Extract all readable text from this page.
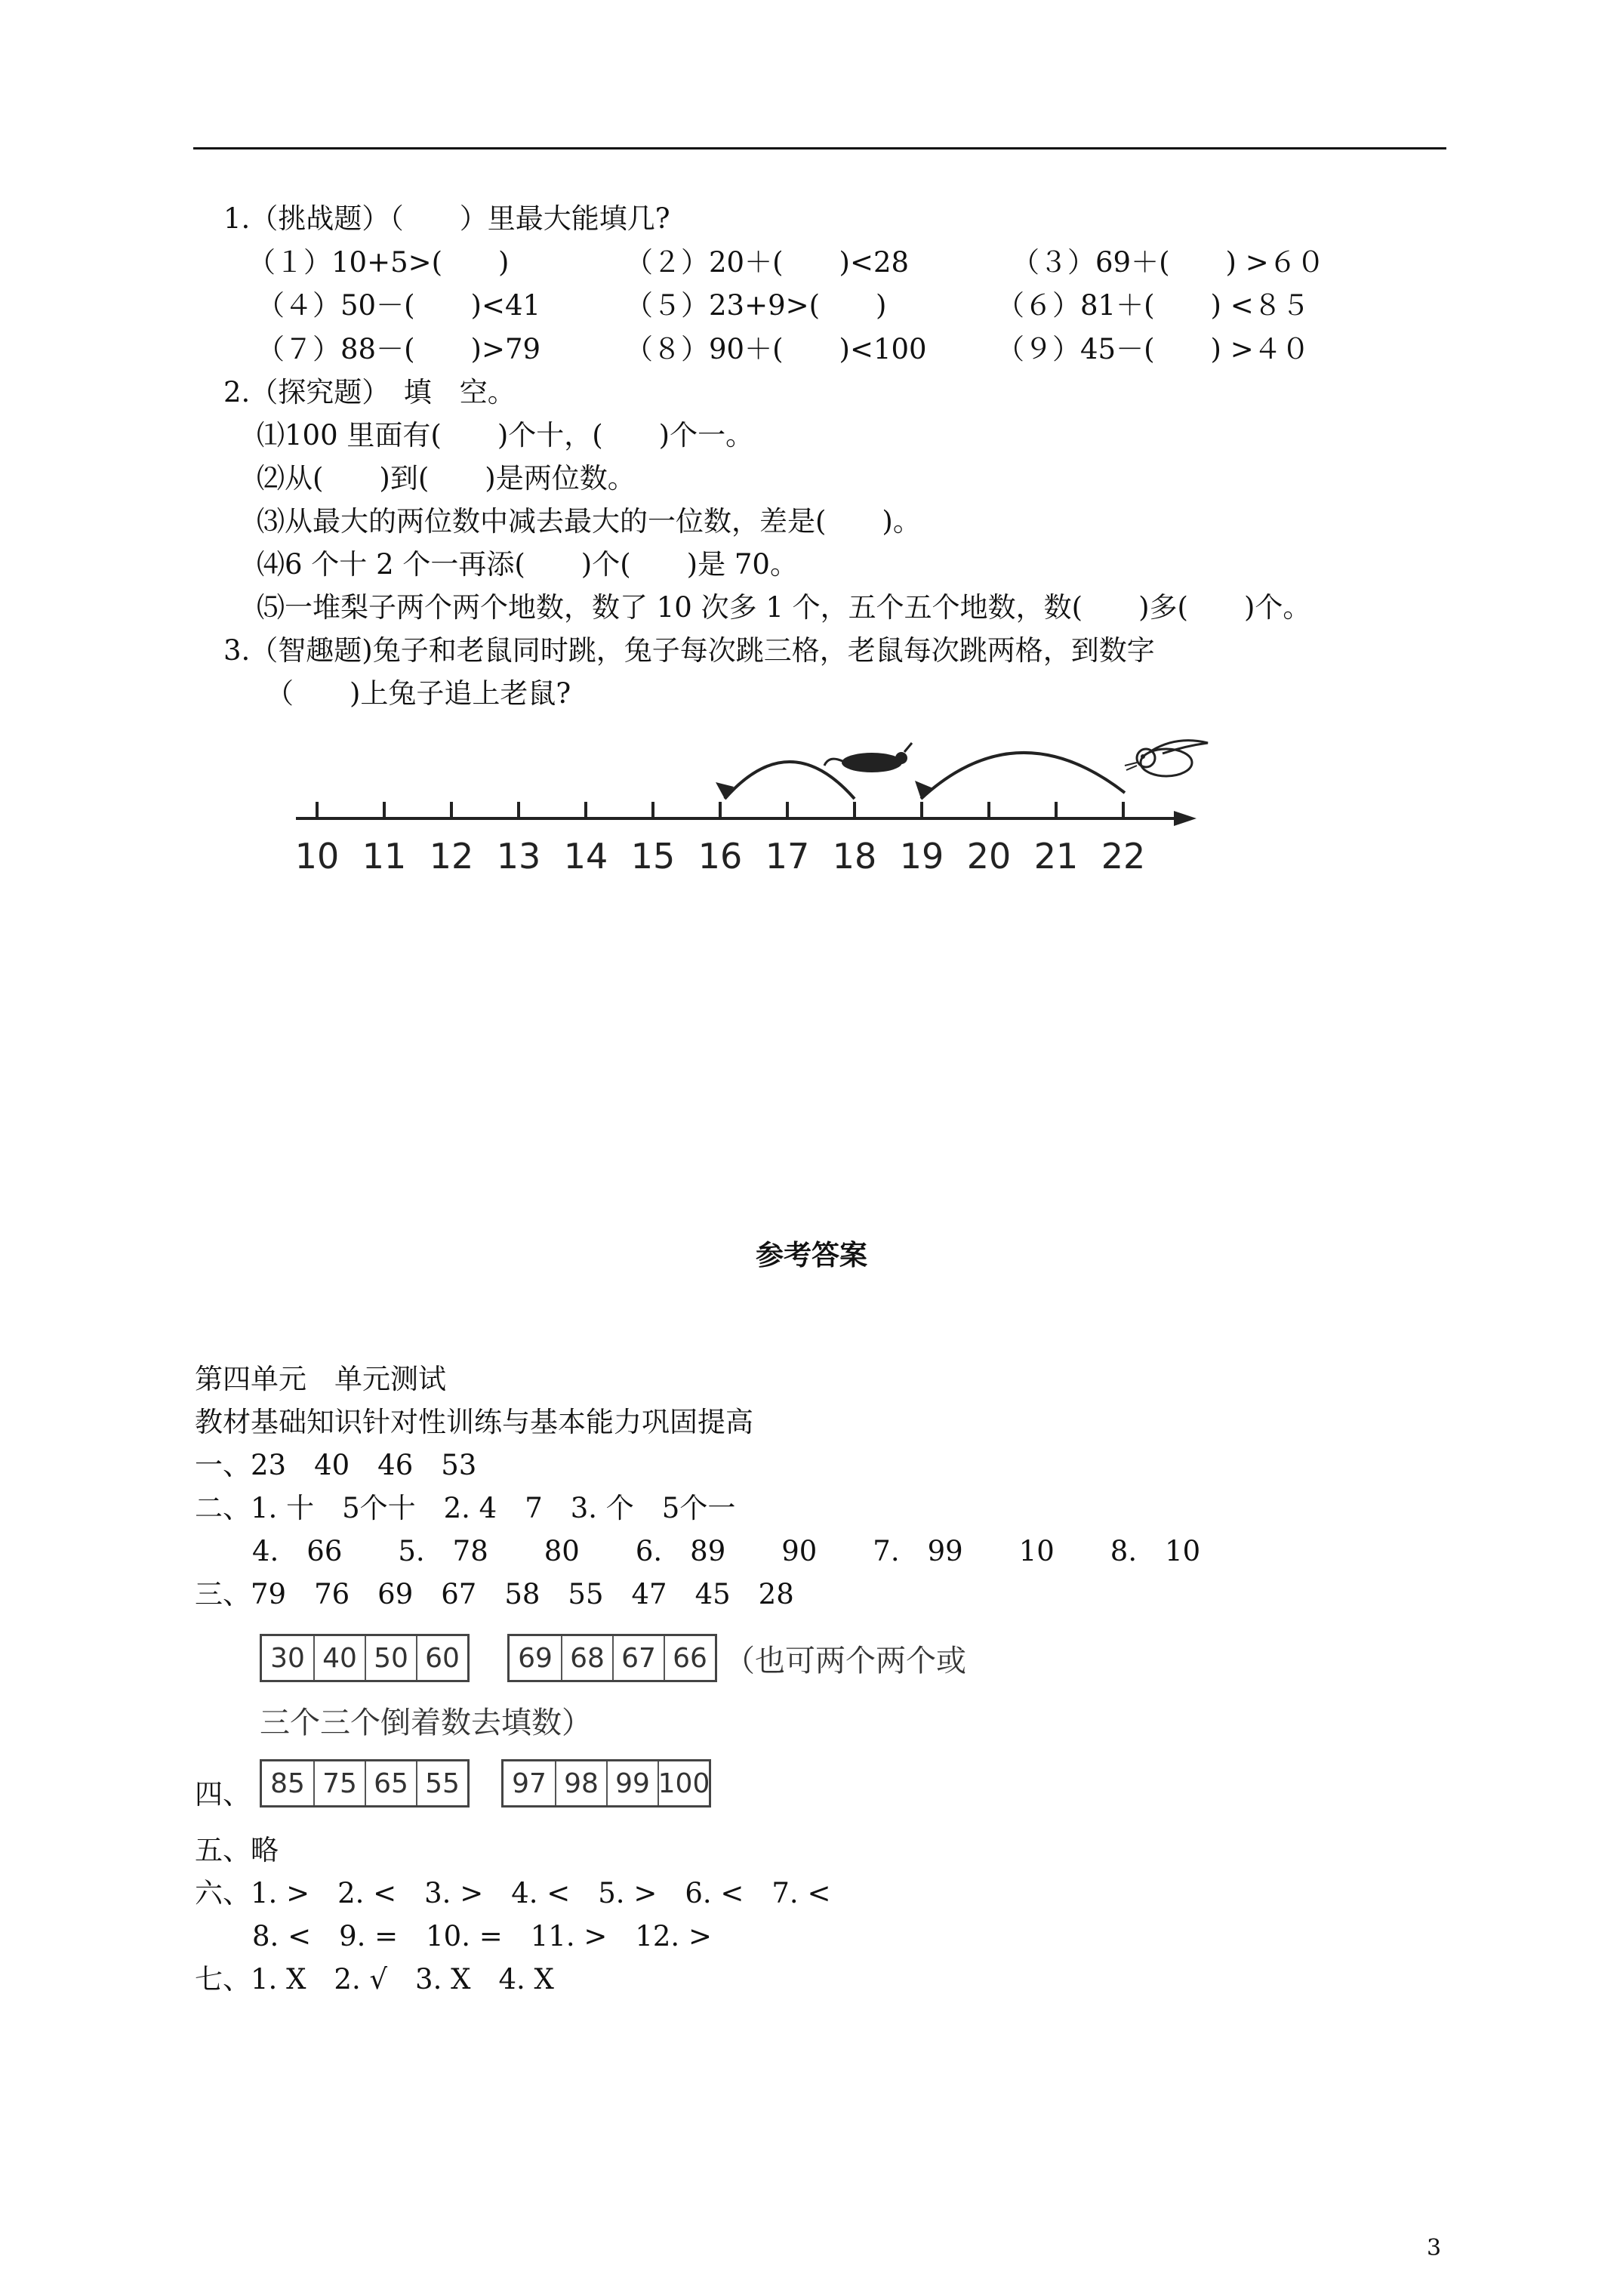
1.（挑战题）（　　）里最大能填几?
（１）10+5>(　　)	（２）20＋(　　)<28	（３）69＋(　　) >６０
（４）50－(　　)<41	（５）23+9>(　　)	（６）81＋(　　) <８５
（７）88－(　　)>79	（８）90＋(　　)<100 （９）45－(　　) >４０
2.（探究题）　填　空。
⑴100 里面有(　　)个十，(　　)个一。
⑵从(　　)到(　　)是两位数。
⑶从最大的两位数中减去最大的一位数，差是(　　)。
⑷6 个十 2 个一再添(　　)个(　　)是 70。
⑸一堆梨子两个两个地数，数了 10 次多 1 个，五个五个地数，数(　　)多(　　)个。
3.（智趣题)兔子和老鼠同时跳，兔子每次跳三格，老鼠每次跳两格，到数字
（　　)上兔子追上老鼠?
10 11 12 13 14 15 16 17 18 19 20 21 22
参考答案
第四单元　单元测试
教材基础知识针对性训练与基本能力巩固提高
一、23　40　46　53
二、1. 十　5个十　2. 4　7　3. 个　5个一
4.　66　　5.　78　　80　　6.　89　　90　　7.　99　　10　　8.　10
三、79　76　69　67　58　55　47　45　28
30 40 50 60	69 68 67 66 （也可两个两个或
三个三个倒着数去填数）
四、 85 75 65 55	97 98 99 100
五、略
六、1. >　2. <　3. >　4. <　5. >　6. <　7. <
8. <　9. =　10. =　11. >　12. >
七、1. X　2. √　3. X　4. X
3
